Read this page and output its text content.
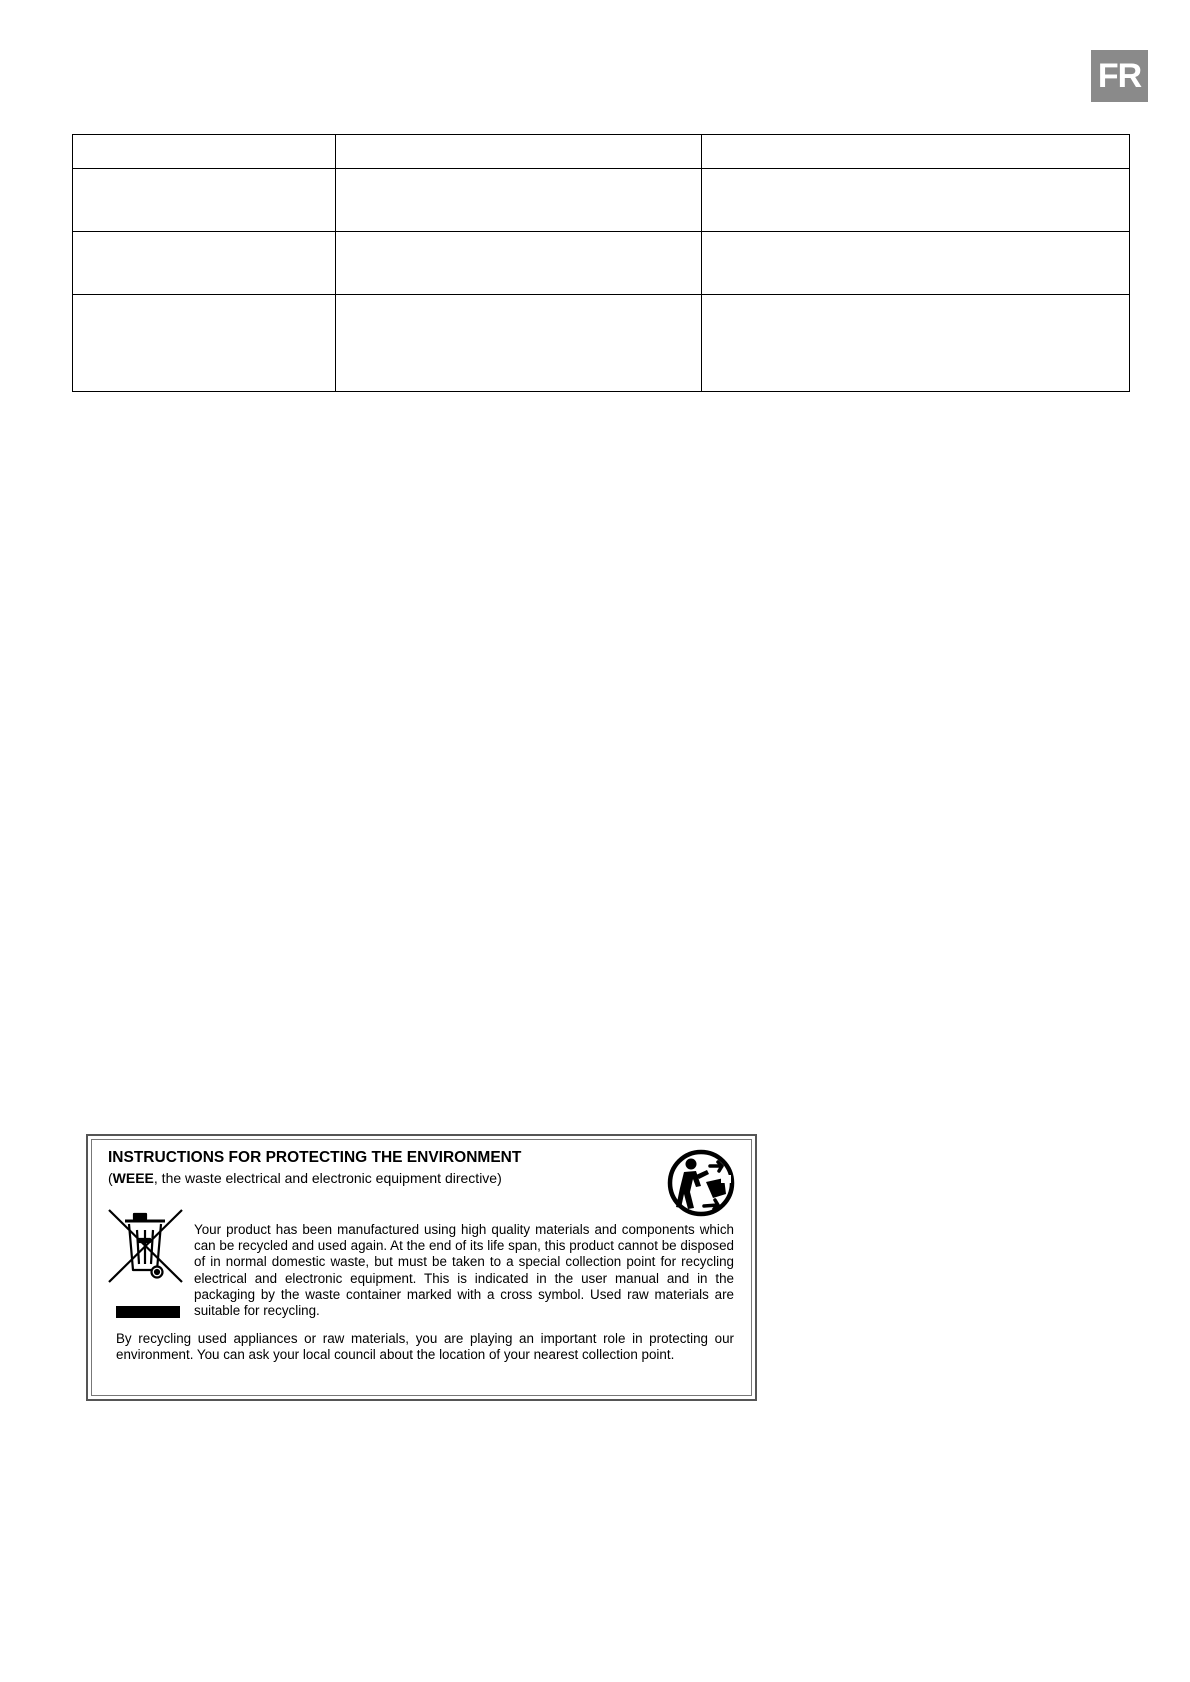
FR

INSTRUCTIONS FOR PROTECTING THE ENVIRONMENT
(WEEE, the waste electrical and electronic equipment directive)

Your product has been manufactured using high quality materials and components which can be recycled and used again. At the end of its life span, this product cannot be disposed of in normal domestic waste, but must be taken to a special collection point for recycling electrical and electronic equipment. This is indicated in the user manual and in the packaging by the waste container marked with a cross symbol. Used raw materials are suitable for recycling.

By recycling used appliances or raw materials, you are playing an important role in protecting our environment. You can ask your local council about the location of your nearest collection point.
